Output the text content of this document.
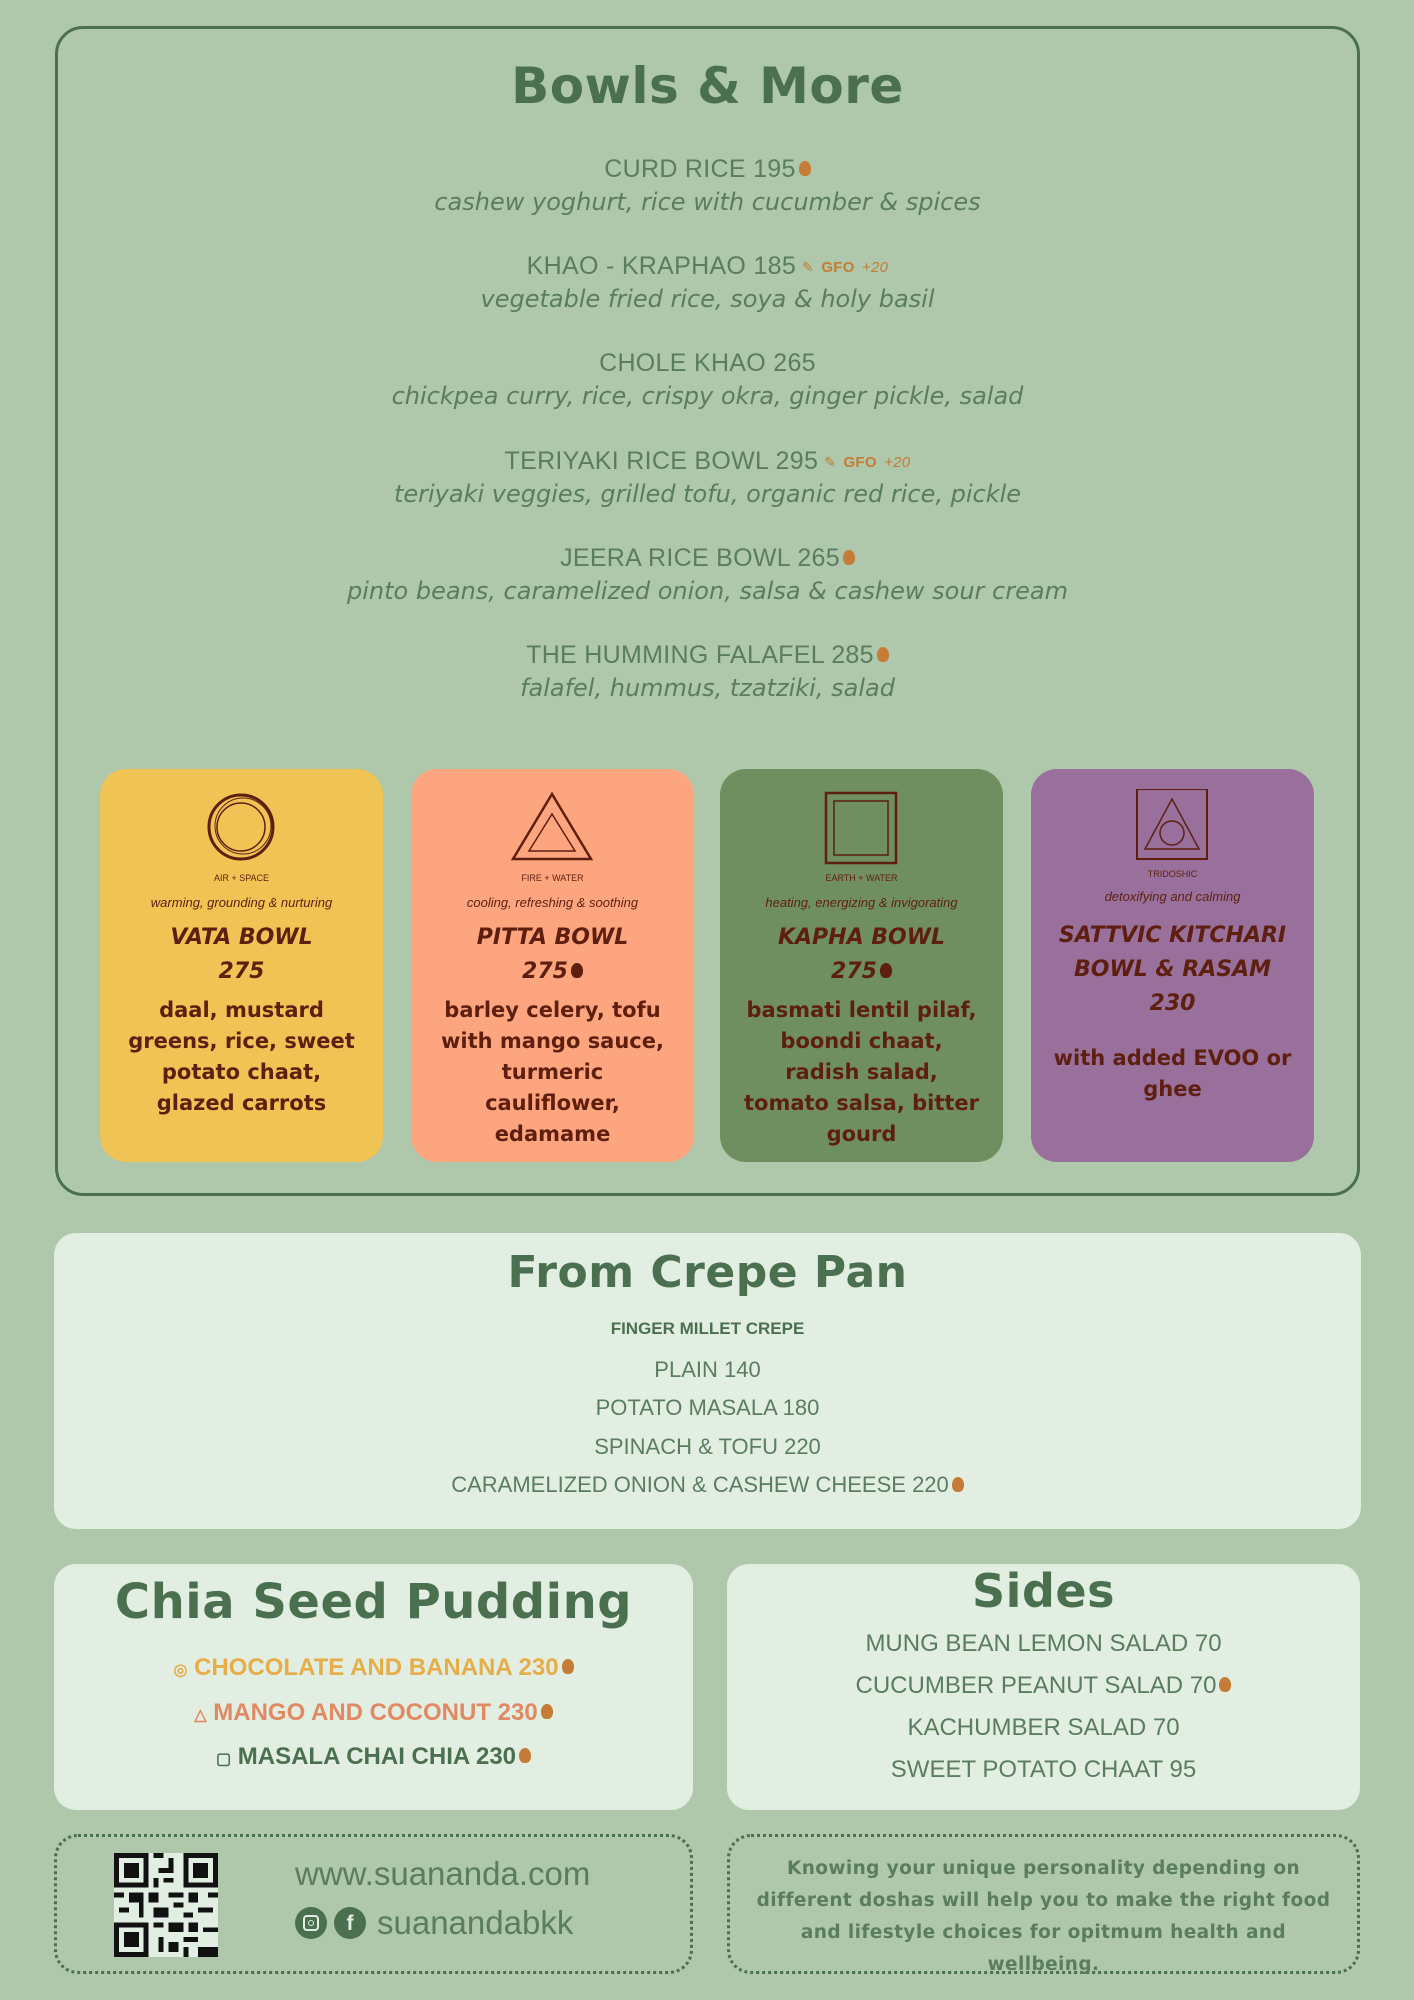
Bowls & More
CURD RICE 195
cashew yoghurt, rice with cucumber & spices
KHAO - KRAPHAO 185 ✎ GFO +20
vegetable fried rice, soya & holy basil
CHOLE KHAO 265
chickpea curry, rice, crispy okra, ginger pickle, salad
TERIYAKI RICE BOWL 295 ✎ GFO +20
teriyaki veggies, grilled tofu, organic red rice, pickle
JEERA RICE BOWL 265
pinto beans, caramelized onion, salsa & cashew sour cream
THE HUMMING FALAFEL 285
falafel, hummus, tzatziki, salad
AIR + SPACE
warming, grounding & nurturing
VATA BOWL
275
daal, mustard greens, rice, sweet potato chaat, glazed carrots
FIRE + WATER
cooling, refreshing & soothing
PITTA BOWL
275
barley celery, tofu with mango sauce, turmeric cauliflower, edamame
EARTH + WATER
heating, energizing & invigorating
KAPHA BOWL
275
basmati lentil pilaf, boondi chaat, radish salad, tomato salsa, bitter gourd
TRIDOSHIC
detoxifying and calming
SATTVIC KITCHARI
BOWL & RASAM
230
with added EVOO or ghee
From Crepe Pan
FINGER MILLET CREPE
PLAIN 140
POTATO MASALA 180
SPINACH & TOFU 220
CARAMELIZED ONION & CASHEW CHEESE 220
Chia Seed Pudding
◎ CHOCOLATE AND BANANA 230
△ MANGO AND COCONUT 230
▢ MASALA CHAI CHIA 230
Sides
MUNG BEAN LEMON SALAD 70
CUCUMBER PEANUT SALAD 70
KACHUMBER SALAD 70
SWEET POTATO CHAAT 95
www.suananda.com
f suanandabkk
Knowing your unique personality depending on different doshas will help you to make the right food and lifestyle choices for opitmum health and wellbeing.
